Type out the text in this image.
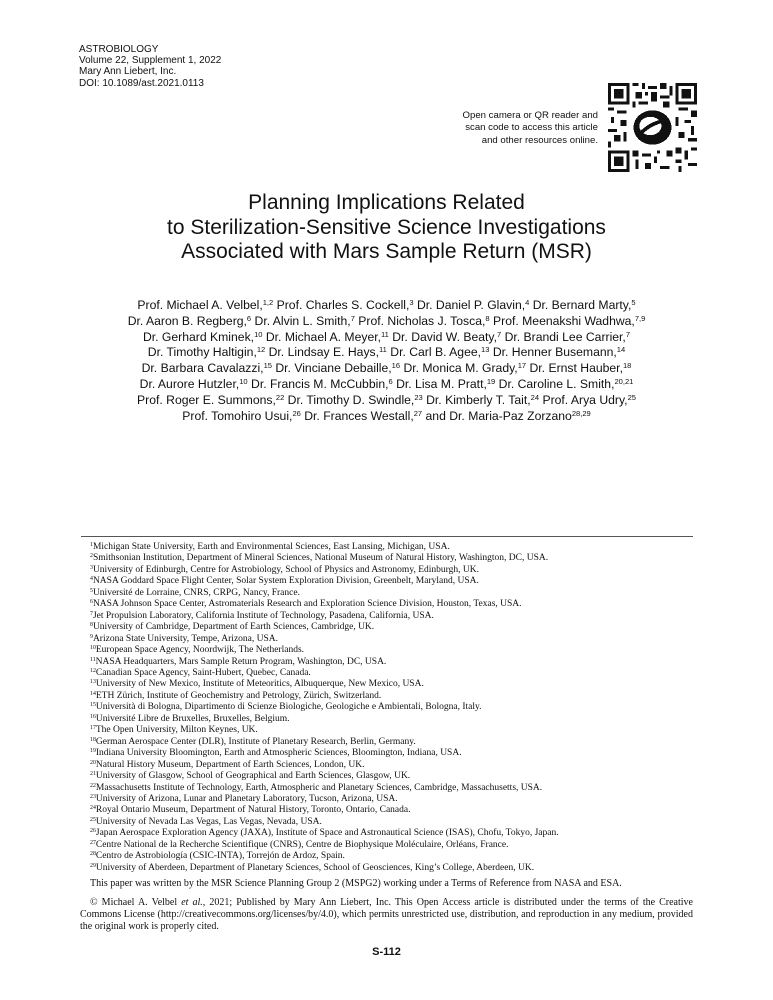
ASTROBIOLOGY
Volume 22, Supplement 1, 2022
Mary Ann Liebert, Inc.
DOI: 10.1089/ast.2021.0113
Open camera or QR reader and
scan code to access this article
and other resources online.
Planning Implications Related
to Sterilization-Sensitive Science Investigations
Associated with Mars Sample Return (MSR)
Prof. Michael A. Velbel,$^{1,2}$ Prof. Charles S. Cockell,$^3$ Dr. Daniel P. Glavin,$^4$ Dr. Bernard Marty,$^5$
Dr. Aaron B. Regberg,$^6$ Dr. Alvin L. Smith,$^7$ Prof. Nicholas J. Tosca,$^8$ Prof. Meenakshi Wadhwa,$^{7,9}$
Dr. Gerhard Kminek,$^{10}$ Dr. Michael A. Meyer,$^{11}$ Dr. David W. Beaty,$^7$ Dr. Brandi Lee Carrier,$^7$
Dr. Timothy Haltigin,$^{12}$ Dr. Lindsay E. Hays,$^{11}$ Dr. Carl B. Agee,$^{13}$ Dr. Henner Busemann,$^{14}$
Dr. Barbara Cavalazzi,$^{15}$ Dr. Vinciane Debaille,$^{16}$ Dr. Monica M. Grady,$^{17}$ Dr. Ernst Hauber,$^{18}$
Dr. Aurore Hutzler,$^{10}$ Dr. Francis M. McCubbin,$^6$ Dr. Lisa M. Pratt,$^{19}$ Dr. Caroline L. Smith,$^{20,21}$
Prof. Roger E. Summons,$^{22}$ Dr. Timothy D. Swindle,$^{23}$ Dr. Kimberly T. Tait,$^{24}$ Prof. Arya Udry,$^{25}$
Prof. Tomohiro Usui,$^{26}$ Dr. Frances Westall,$^{27}$ and Dr. Maria-Paz Zorzano$^{28,29}$
$^1$Michigan State University, Earth and Environmental Sciences, East Lansing, Michigan, USA.
$^2$Smithsonian Institution, Department of Mineral Sciences, National Museum of Natural History, Washington, DC, USA.
$^3$University of Edinburgh, Centre for Astrobiology, School of Physics and Astronomy, Edinburgh, UK.
$^4$NASA Goddard Space Flight Center, Solar System Exploration Division, Greenbelt, Maryland, USA.
$^5$Université de Lorraine, CNRS, CRPG, Nancy, France.
$^6$NASA Johnson Space Center, Astromaterials Research and Exploration Science Division, Houston, Texas, USA.
$^7$Jet Propulsion Laboratory, California Institute of Technology, Pasadena, California, USA.
$^8$University of Cambridge, Department of Earth Sciences, Cambridge, UK.
$^9$Arizona State University, Tempe, Arizona, USA.
$^{10}$European Space Agency, Noordwijk, The Netherlands.
$^{11}$NASA Headquarters, Mars Sample Return Program, Washington, DC, USA.
$^{12}$Canadian Space Agency, Saint-Hubert, Quebec, Canada.
$^{13}$University of New Mexico, Institute of Meteoritics, Albuquerque, New Mexico, USA.
$^{14}$ETH Zürich, Institute of Geochemistry and Petrology, Zürich, Switzerland.
$^{15}$Università di Bologna, Dipartimento di Scienze Biologiche, Geologiche e Ambientali, Bologna, Italy.
$^{16}$Université Libre de Bruxelles, Bruxelles, Belgium.
$^{17}$The Open University, Milton Keynes, UK.
$^{18}$German Aerospace Center (DLR), Institute of Planetary Research, Berlin, Germany.
$^{19}$Indiana University Bloomington, Earth and Atmospheric Sciences, Bloomington, Indiana, USA.
$^{20}$Natural History Museum, Department of Earth Sciences, London, UK.
$^{21}$University of Glasgow, School of Geographical and Earth Sciences, Glasgow, UK.
$^{22}$Massachusetts Institute of Technology, Earth, Atmospheric and Planetary Sciences, Cambridge, Massachusetts, USA.
$^{23}$University of Arizona, Lunar and Planetary Laboratory, Tucson, Arizona, USA.
$^{24}$Royal Ontario Museum, Department of Natural History, Toronto, Ontario, Canada.
$^{25}$University of Nevada Las Vegas, Las Vegas, Nevada, USA.
$^{26}$Japan Aerospace Exploration Agency (JAXA), Institute of Space and Astronautical Science (ISAS), Chofu, Tokyo, Japan.
$^{27}$Centre National de la Recherche Scientifique (CNRS), Centre de Biophysique Moléculaire, Orléans, France.
$^{28}$Centro de Astrobiología (CSIC-INTA), Torrejón de Ardoz, Spain.
$^{29}$University of Aberdeen, Department of Planetary Sciences, School of Geosciences, King’s College, Aberdeen, UK.
This paper was written by the MSR Science Planning Group 2 (MSPG2) working under a Terms of Reference from NASA and ESA.
© Michael A. Velbel et al., 2021; Published by Mary Ann Liebert, Inc. This Open Access article is distributed under the terms of the Creative Commons License (http://creativecommons.org/licenses/by/4.0), which permits unrestricted use, distribution, and reproduction in any medium, provided the original work is properly cited.
S-112
